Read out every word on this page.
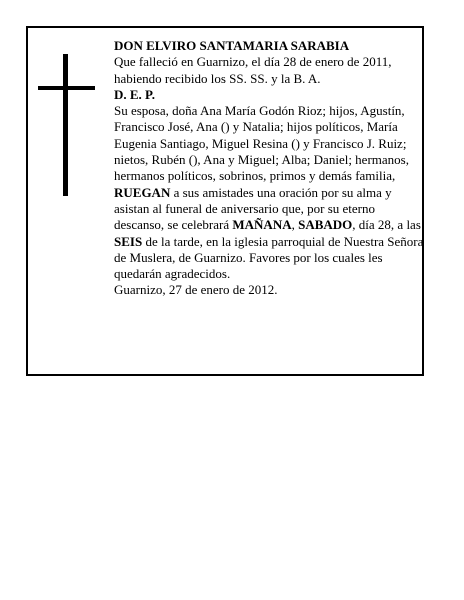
DON ELVIRO SANTAMARIA SARABIA

Que falleció en Guarnizo, el día 28 de enero de 2011, habiendo recibido los SS. SS. y la B. A.

D. E. P.

Su esposa, doña Ana María Godón Rioz; hijos, Agustín, Francisco José, Ana () y Natalia; hijos políticos, María Eugenia Santiago, Miguel Resina () y Francisco J. Ruiz; nietos, Rubén (), Ana y Miguel; Alba; Daniel; hermanos, hermanos políticos, sobrinos, primos y demás familia,

RUEGAN a sus amistades una oración por su alma y asistan al funeral de aniversario que, por su eterno descanso, se celebrará MAÑANA, SABADO, día 28, a las SEIS de la tarde, en la iglesia parroquial de Nuestra Señora de Muslera, de Guarnizo. Favores por los cuales les quedarán agradecidos.

Guarnizo, 27 de enero de 2012.
